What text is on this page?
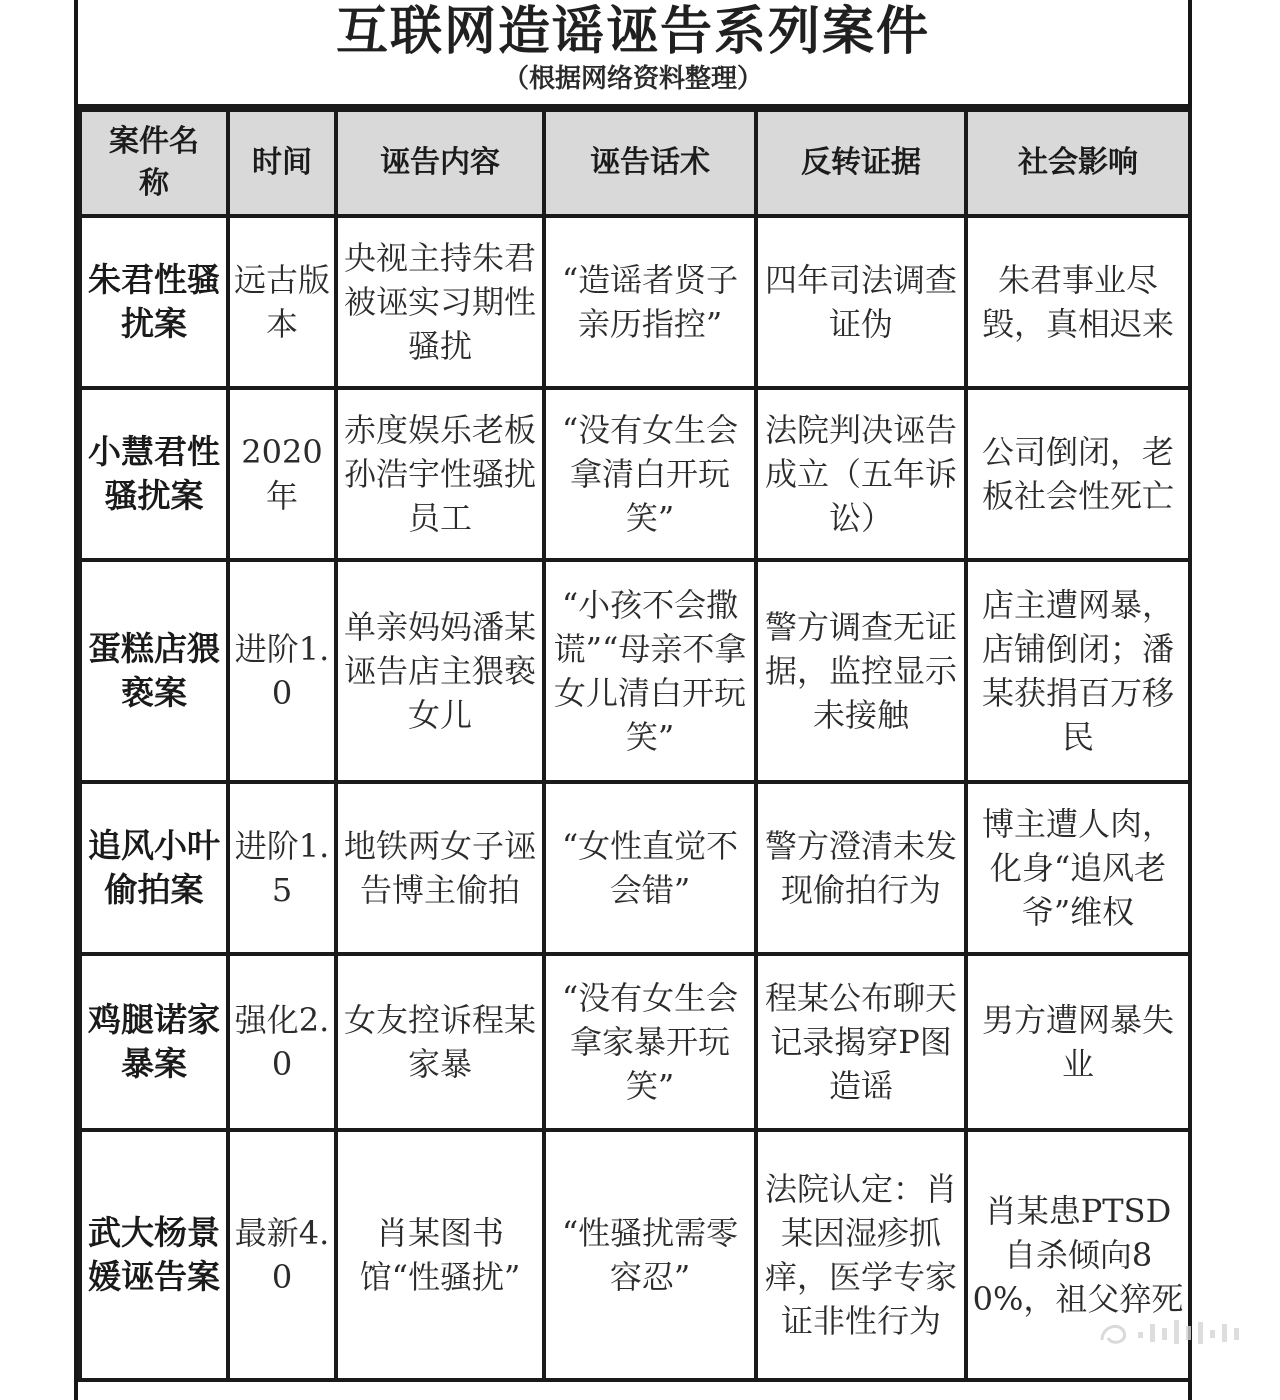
互联网造谣诬告系列案件
（根据网络资料整理）
案件名称	时间	诬告内容	诬告话术	反转证据	社会影响

朱君性骚扰案	远古版本	央视主持朱君被诬实习期性骚扰	“造谣者贤子亲历指控”	四年司法调查证伪	朱君事业尽毁，真相迟来

小慧君性骚扰案	2020年	赤度娱乐老板孙浩宇性骚扰员工	“没有女生会拿清白开玩笑”	法院判决诬告成立（五年诉讼）	公司倒闭，老板社会性死亡

蛋糕店猥亵案	进阶1.0	单亲妈妈潘某诬告店主猥亵女儿	“小孩不会撒谎”“母亲不拿女儿清白开玩笑”	警方调查无证据，监控显示未接触	店主遭网暴，店铺倒闭；潘某获捐百万移民

追风小叶偷拍案	进阶1.5	地铁两女子诬告博主偷拍	“女性直觉不会错”	警方澄清未发现偷拍行为	博主遭人肉，化身“追风老爷”维权

鸡腿诺家暴案	强化2.0	女友控诉程某家暴	“没有女生会拿家暴开玩笑”	程某公布聊天记录揭穿P图造谣	男方遭网暴失业

武大杨景媛诬告案	最新4.0	肖某图书馆“性骚扰”	“性骚扰需零容忍”	法院认定：肖某因湿疹抓痒，医学专家证非性行为	肖某患PTSD自杀倾向80%，祖父猝死
